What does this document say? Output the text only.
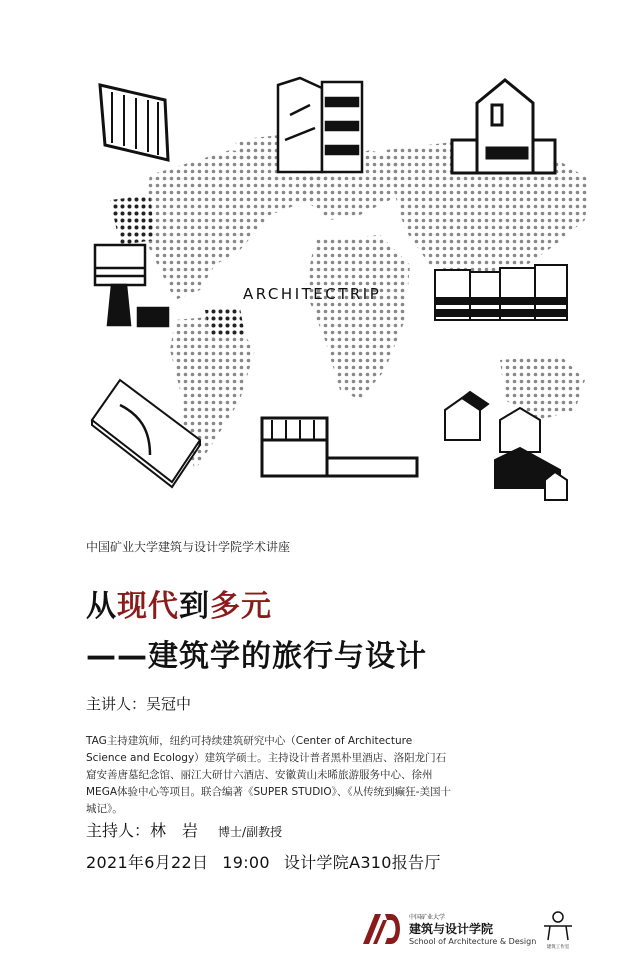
ARCHITECTRIP
中国矿业大学建筑与设计学院学术讲座
从现代到多元
——建筑学的旅行与设计
主讲人：吴冠中
TAG主持建筑师，纽约可持续建筑研究中心（Center of Architecture Science and Ecology）建筑学硕士。主持设计普者黑朴里酒店、洛阳龙门石窟安善唐墓纪念馆、丽江大研廿六酒店、安徽黄山未晞旅游服务中心、徐州MEGA体验中心等项目。联合编著《SUPER STUDIO》、《从传统到癫狂-美国十城记》。
主持人：林　岩 博士/副教授
2021年6月22日 19:00 设计学院A310报告厅
中国矿业大学
建筑与设计学院
School of Architecture & Design
建筑工作室
